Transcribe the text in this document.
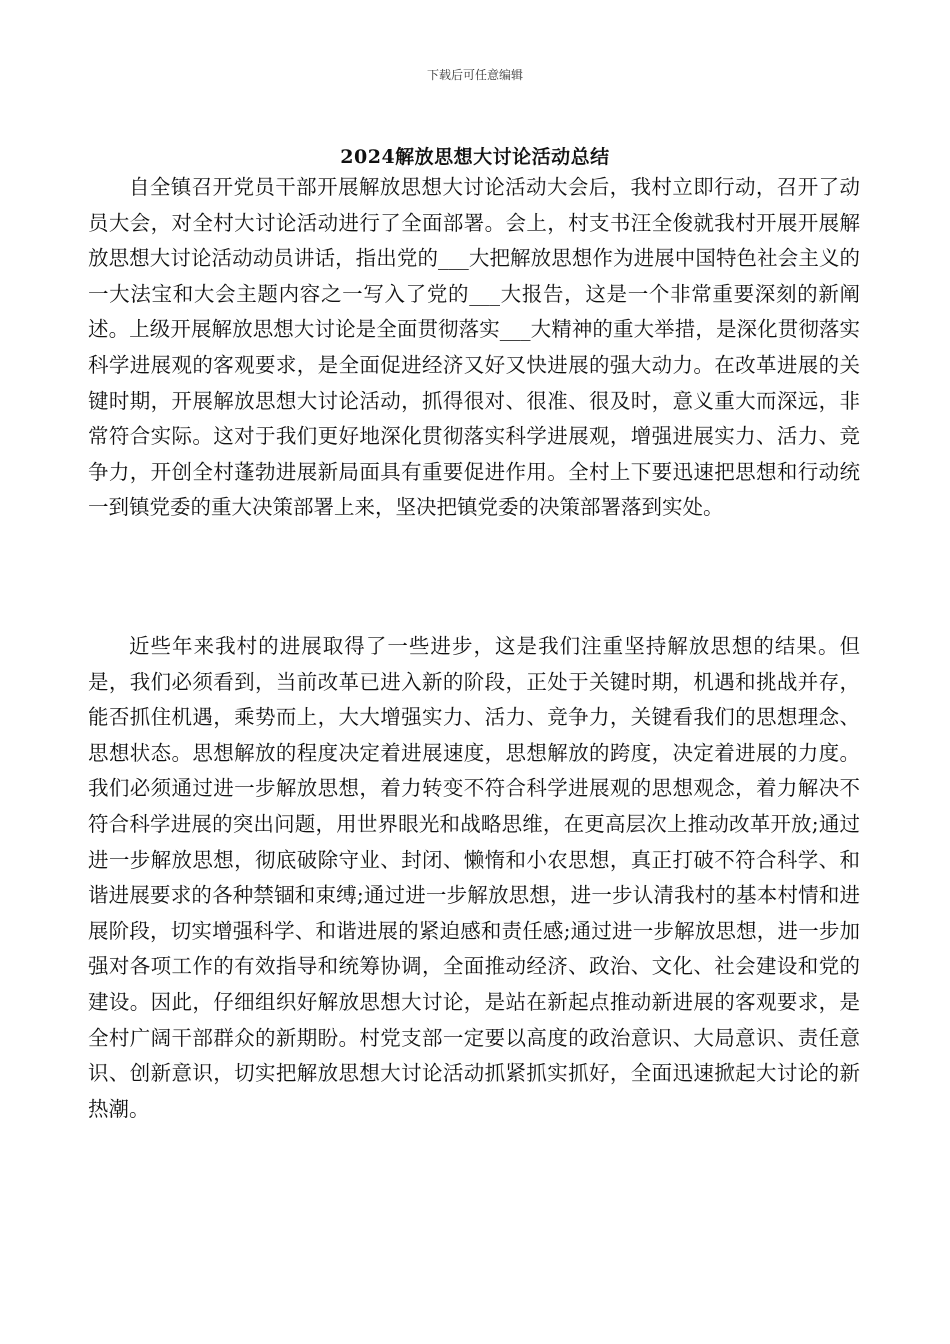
下载后可任意编辑
2024解放思想大讨论活动总结

自全镇召开党员干部开展解放思想大讨论活动大会后，我村立即行动，召开了动员大会，对全村大讨论活动进行了全面部署。会上，村支书汪全俊就我村开展开展解放思想大讨论活动动员讲话，指出党的___大把解放思想作为进展中国特色社会主义的一大法宝和大会主题内容之一写入了党的___大报告，这是一个非常重要深刻的新阐述。上级开展解放思想大讨论是全面贯彻落实___大精神的重大举措，是深化贯彻落实科学进展观的客观要求，是全面促进经济又好又快进展的强大动力。在改革进展的关键时期，开展解放思想大讨论活动，抓得很对、很准、很及时，意义重大而深远，非常符合实际。这对于我们更好地深化贯彻落实科学进展观，增强进展实力、活力、竞争力，开创全村蓬勃进展新局面具有重要促进作用。全村上下要迅速把思想和行动统一到镇党委的重大决策部署上来，坚决把镇党委的决策部署落到实处。

近些年来我村的进展取得了一些进步，这是我们注重坚持解放思想的结果。但是，我们必须看到，当前改革已进入新的阶段，正处于关键时期，机遇和挑战并存，能否抓住机遇，乘势而上，大大增强实力、活力、竞争力，关键看我们的思想理念、思想状态。思想解放的程度决定着进展速度，思想解放的跨度，决定着进展的力度。我们必须通过进一步解放思想，着力转变不符合科学进展观的思想观念，着力解决不符合科学进展的突出问题，用世界眼光和战略思维，在更高层次上推动改革开放;通过进一步解放思想，彻底破除守业、封闭、懒惰和小农思想，真正打破不符合科学、和谐进展要求的各种禁锢和束缚;通过进一步解放思想，进一步认清我村的基本村情和进展阶段，切实增强科学、和谐进展的紧迫感和责任感;通过进一步解放思想，进一步加强对各项工作的有效指导和统筹协调，全面推动经济、政治、文化、社会建设和党的建设。因此，仔细组织好解放思想大讨论，是站在新起点推动新进展的客观要求，是全村广阔干部群众的新期盼。村党支部一定要以高度的政治意识、大局意识、责任意识、创新意识，切实把解放思想大讨论活动抓紧抓实抓好，全面迅速掀起大讨论的新热潮。
